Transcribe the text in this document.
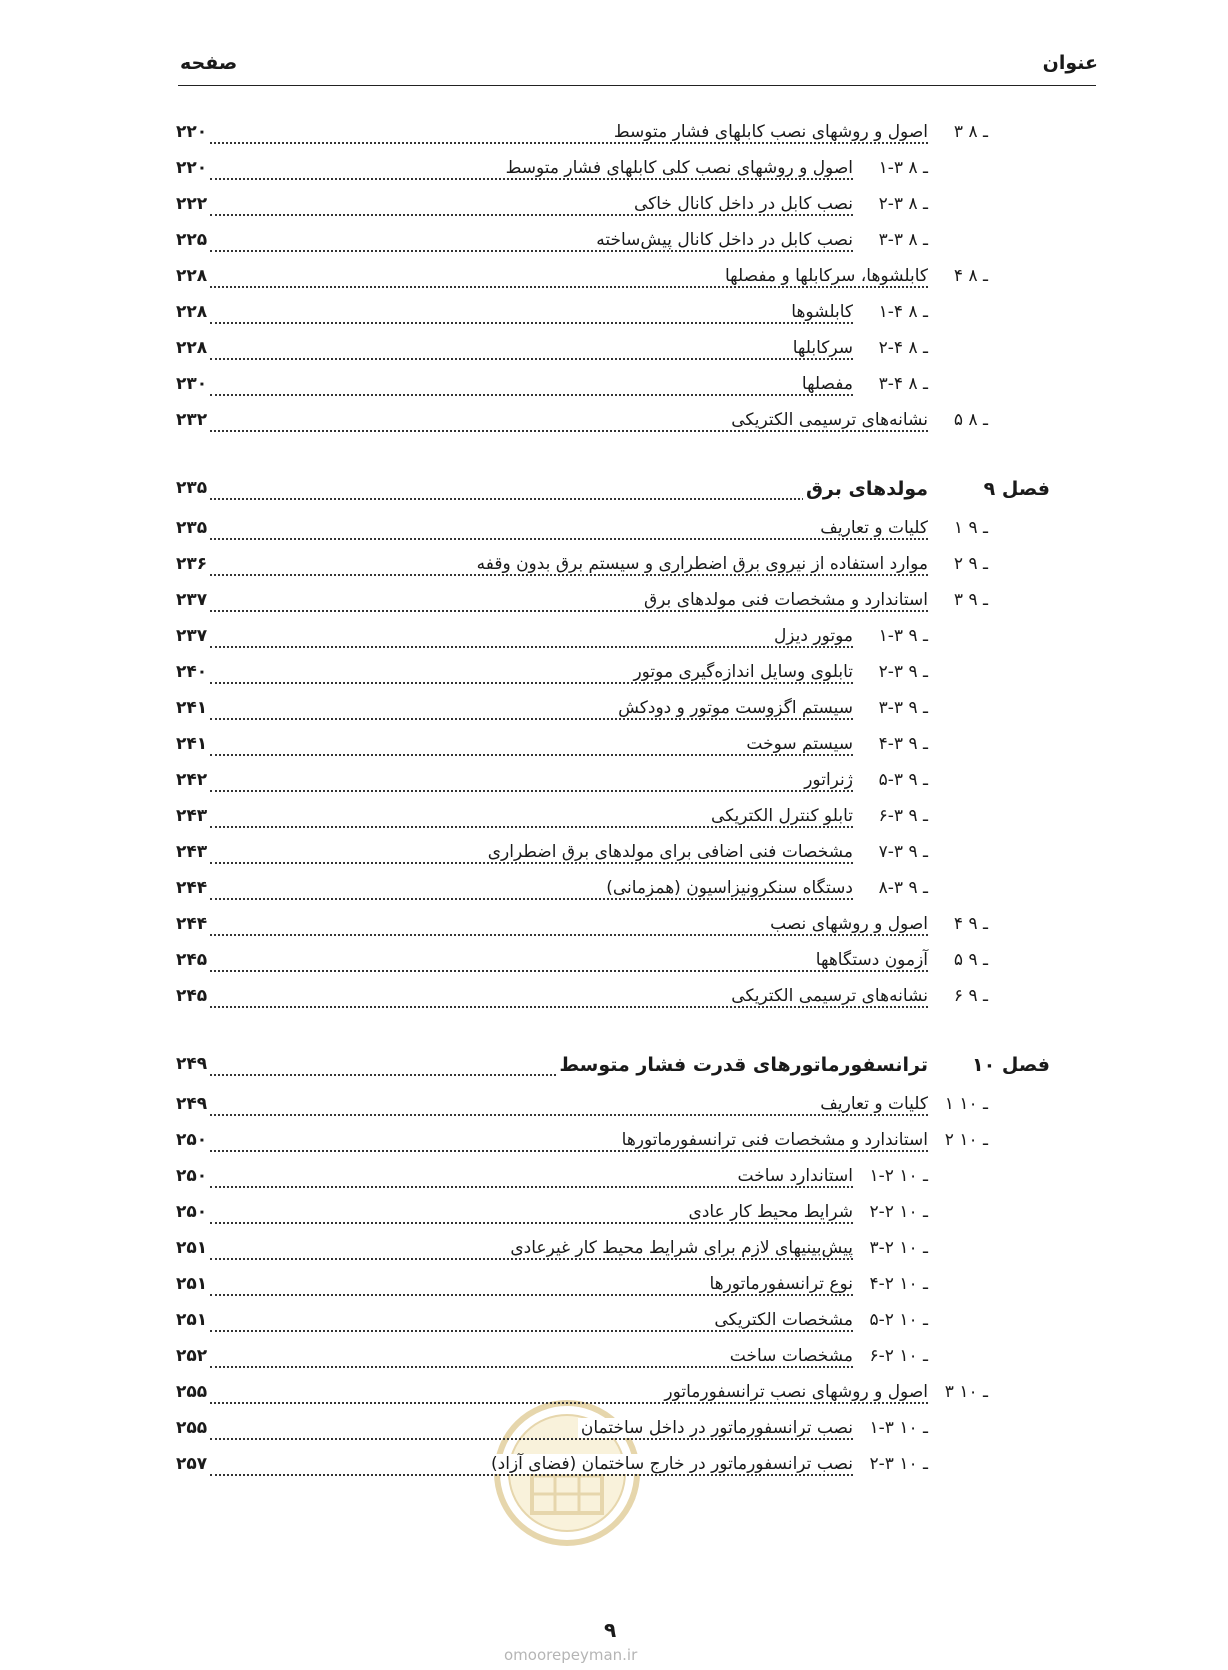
عنوان
صفحه
۳ ـ ۸
اصول و روشهای نصب کابلهای فشار متوسط
۲۲۰
۱-۳ ـ ۸
اصول و روشهای نصب کلی کابلهای فشار متوسط
۲۲۰
۲-۳ ـ ۸
نصب کابل در داخل کانال خاکی
۲۲۲
۳-۳ ـ ۸
نصب کابل در داخل کانال پیش‌ساخته
۲۲۵
۴ ـ ۸
کابلشوها، سرکابلها و مفصلها
۲۲۸
۱-۴ ـ ۸
کابلشوها
۲۲۸
۲-۴ ـ ۸
سرکابلها
۲۲۸
۳-۴ ـ ۸
مفصلها
۲۳۰
۵ ـ ۸
نشانه‌های ترسیمی الکتریکی
۲۳۲
فصل ۹
مولدهای برق
۲۳۵
۱ ـ ۹
کلیات و تعاریف
۲۳۵
۲ ـ ۹
موارد استفاده از نیروی برق اضطراری و سیستم برق بدون وقفه
۲۳۶
۳ ـ ۹
استاندارد و مشخصات فنی مولدهای برق
۲۳۷
۱-۳ ـ ۹
موتور دیزل
۲۳۷
۲-۳ ـ ۹
تابلوی وسایل اندازه‌گیری موتور
۲۴۰
۳-۳ ـ ۹
سیستم اگزوست موتور و دودکش
۲۴۱
۴-۳ ـ ۹
سیستم سوخت
۲۴۱
۵-۳ ـ ۹
ژنراتور
۲۴۲
۶-۳ ـ ۹
تابلو کنترل الکتریکی
۲۴۳
۷-۳ ـ ۹
مشخصات فنی اضافی برای مولدهای برق اضطراری
۲۴۳
۸-۳ ـ ۹
دستگاه سنکرونیزاسیون (همزمانی)
۲۴۴
۴ ـ ۹
اصول و روشهای نصب
۲۴۴
۵ ـ ۹
آزمون دستگاهها
۲۴۵
۶ ـ ۹
نشانه‌های ترسیمی الکتریکی
۲۴۵
فصل ۱۰
ترانسفورماتورهای قدرت فشار متوسط
۲۴۹
۱ ـ ۱۰
کلیات و تعاریف
۲۴۹
۲ ـ ۱۰
استاندارد و مشخصات فنی ترانسفورماتورها
۲۵۰
۱-۲ ـ ۱۰
استاندارد ساخت
۲۵۰
۲-۲ ـ ۱۰
شرایط محیط کار عادی
۲۵۰
۳-۲ ـ ۱۰
پیش‌بینیهای لازم برای شرایط محیط کار غیرعادی
۲۵۱
۴-۲ ـ ۱۰
نوع ترانسفورماتورها
۲۵۱
۵-۲ ـ ۱۰
مشخصات الکتریکی
۲۵۱
۶-۲ ـ ۱۰
مشخصات ساخت
۲۵۲
۳ ـ ۱۰
اصول و روشهای نصب ترانسفورماتور
۲۵۵
۱-۳ ـ ۱۰
نصب ترانسفورماتور در داخل ساختمان
۲۵۵
۲-۳ ـ ۱۰
نصب ترانسفورماتور در خارج ساختمان (فضای آزاد)
۲۵۷
۹
omoorepeyman.ir
